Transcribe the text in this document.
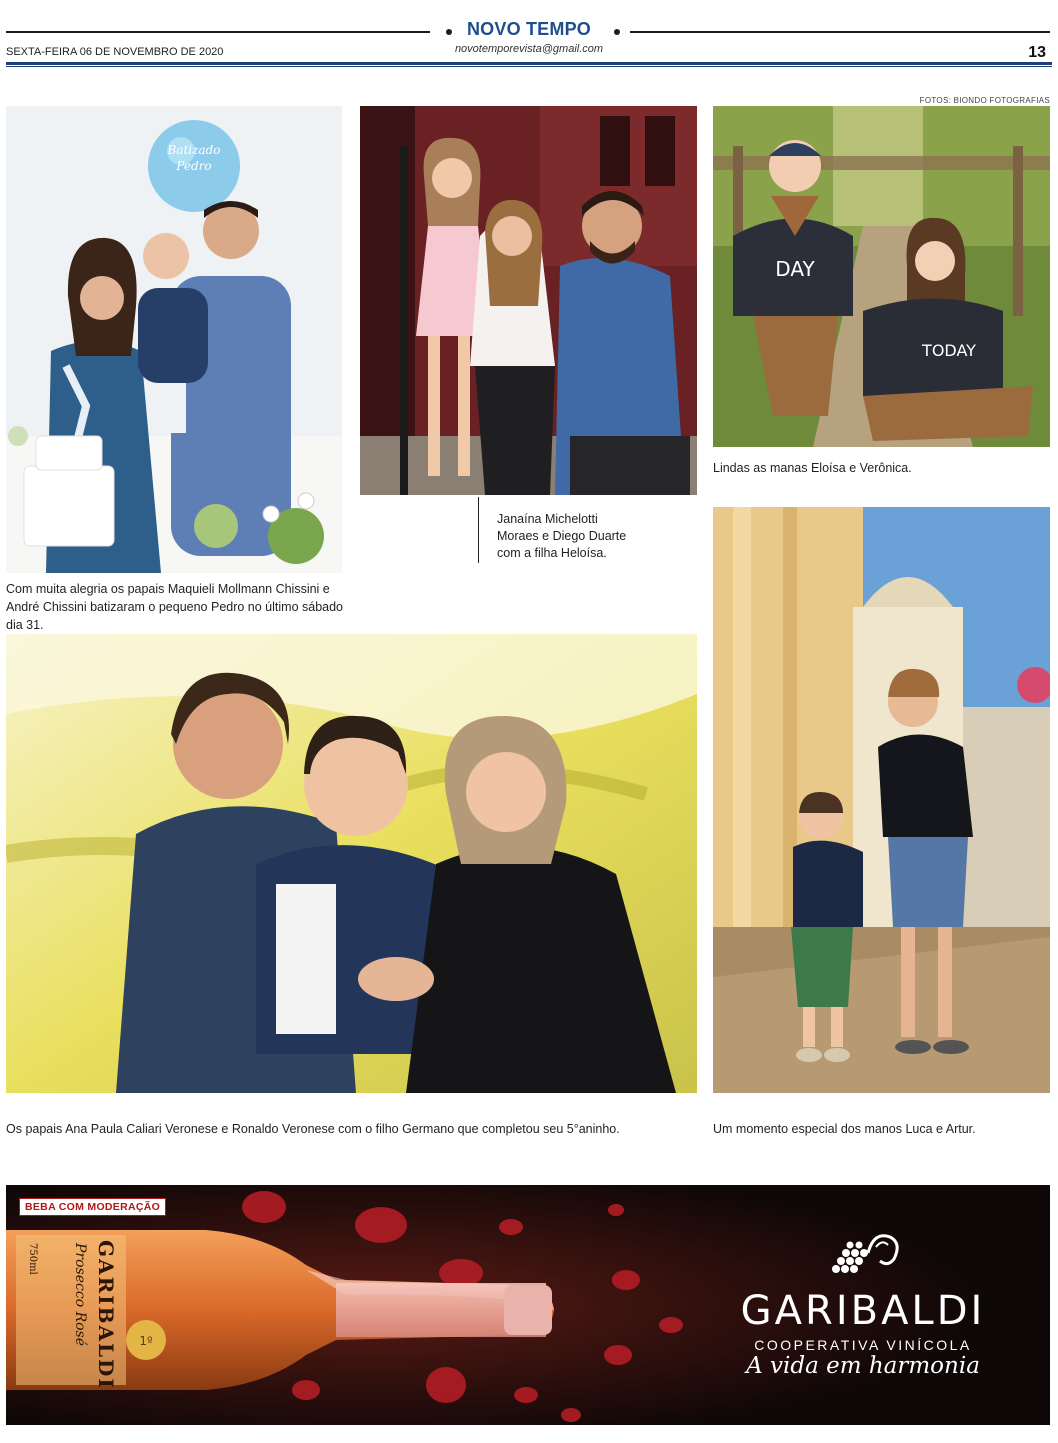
NOVO TEMPO
novotemporevista@gmail.com
SEXTA-FEIRA 06 DE NOVEMBRO DE 2020	13
FOTOS: BIONDO FOTOGRAFIAS
Batizado
Pedro
Com muita alegria os papais Maquieli Mollmann Chissini e André Chissini batizaram o pequeno Pedro no último sábado dia 31.
Janaína Michelotti
Moraes e Diego Duarte
com a filha Heloísa.
DAY
TODAY
Lindas as manas Eloísa e Verônica.
Os papais Ana Paula Caliari Veronese e Ronaldo Veronese com o filho Germano que completou seu 5°aninho.	Um momento especial dos manos Luca e Artur.
1º
GARIBALDI
Prosecco Rosé
750ml
BEBA COM MODERAÇÃO
GARIBALDI
COOPERATIVA VINÍCOLA
A vida em harmonia
